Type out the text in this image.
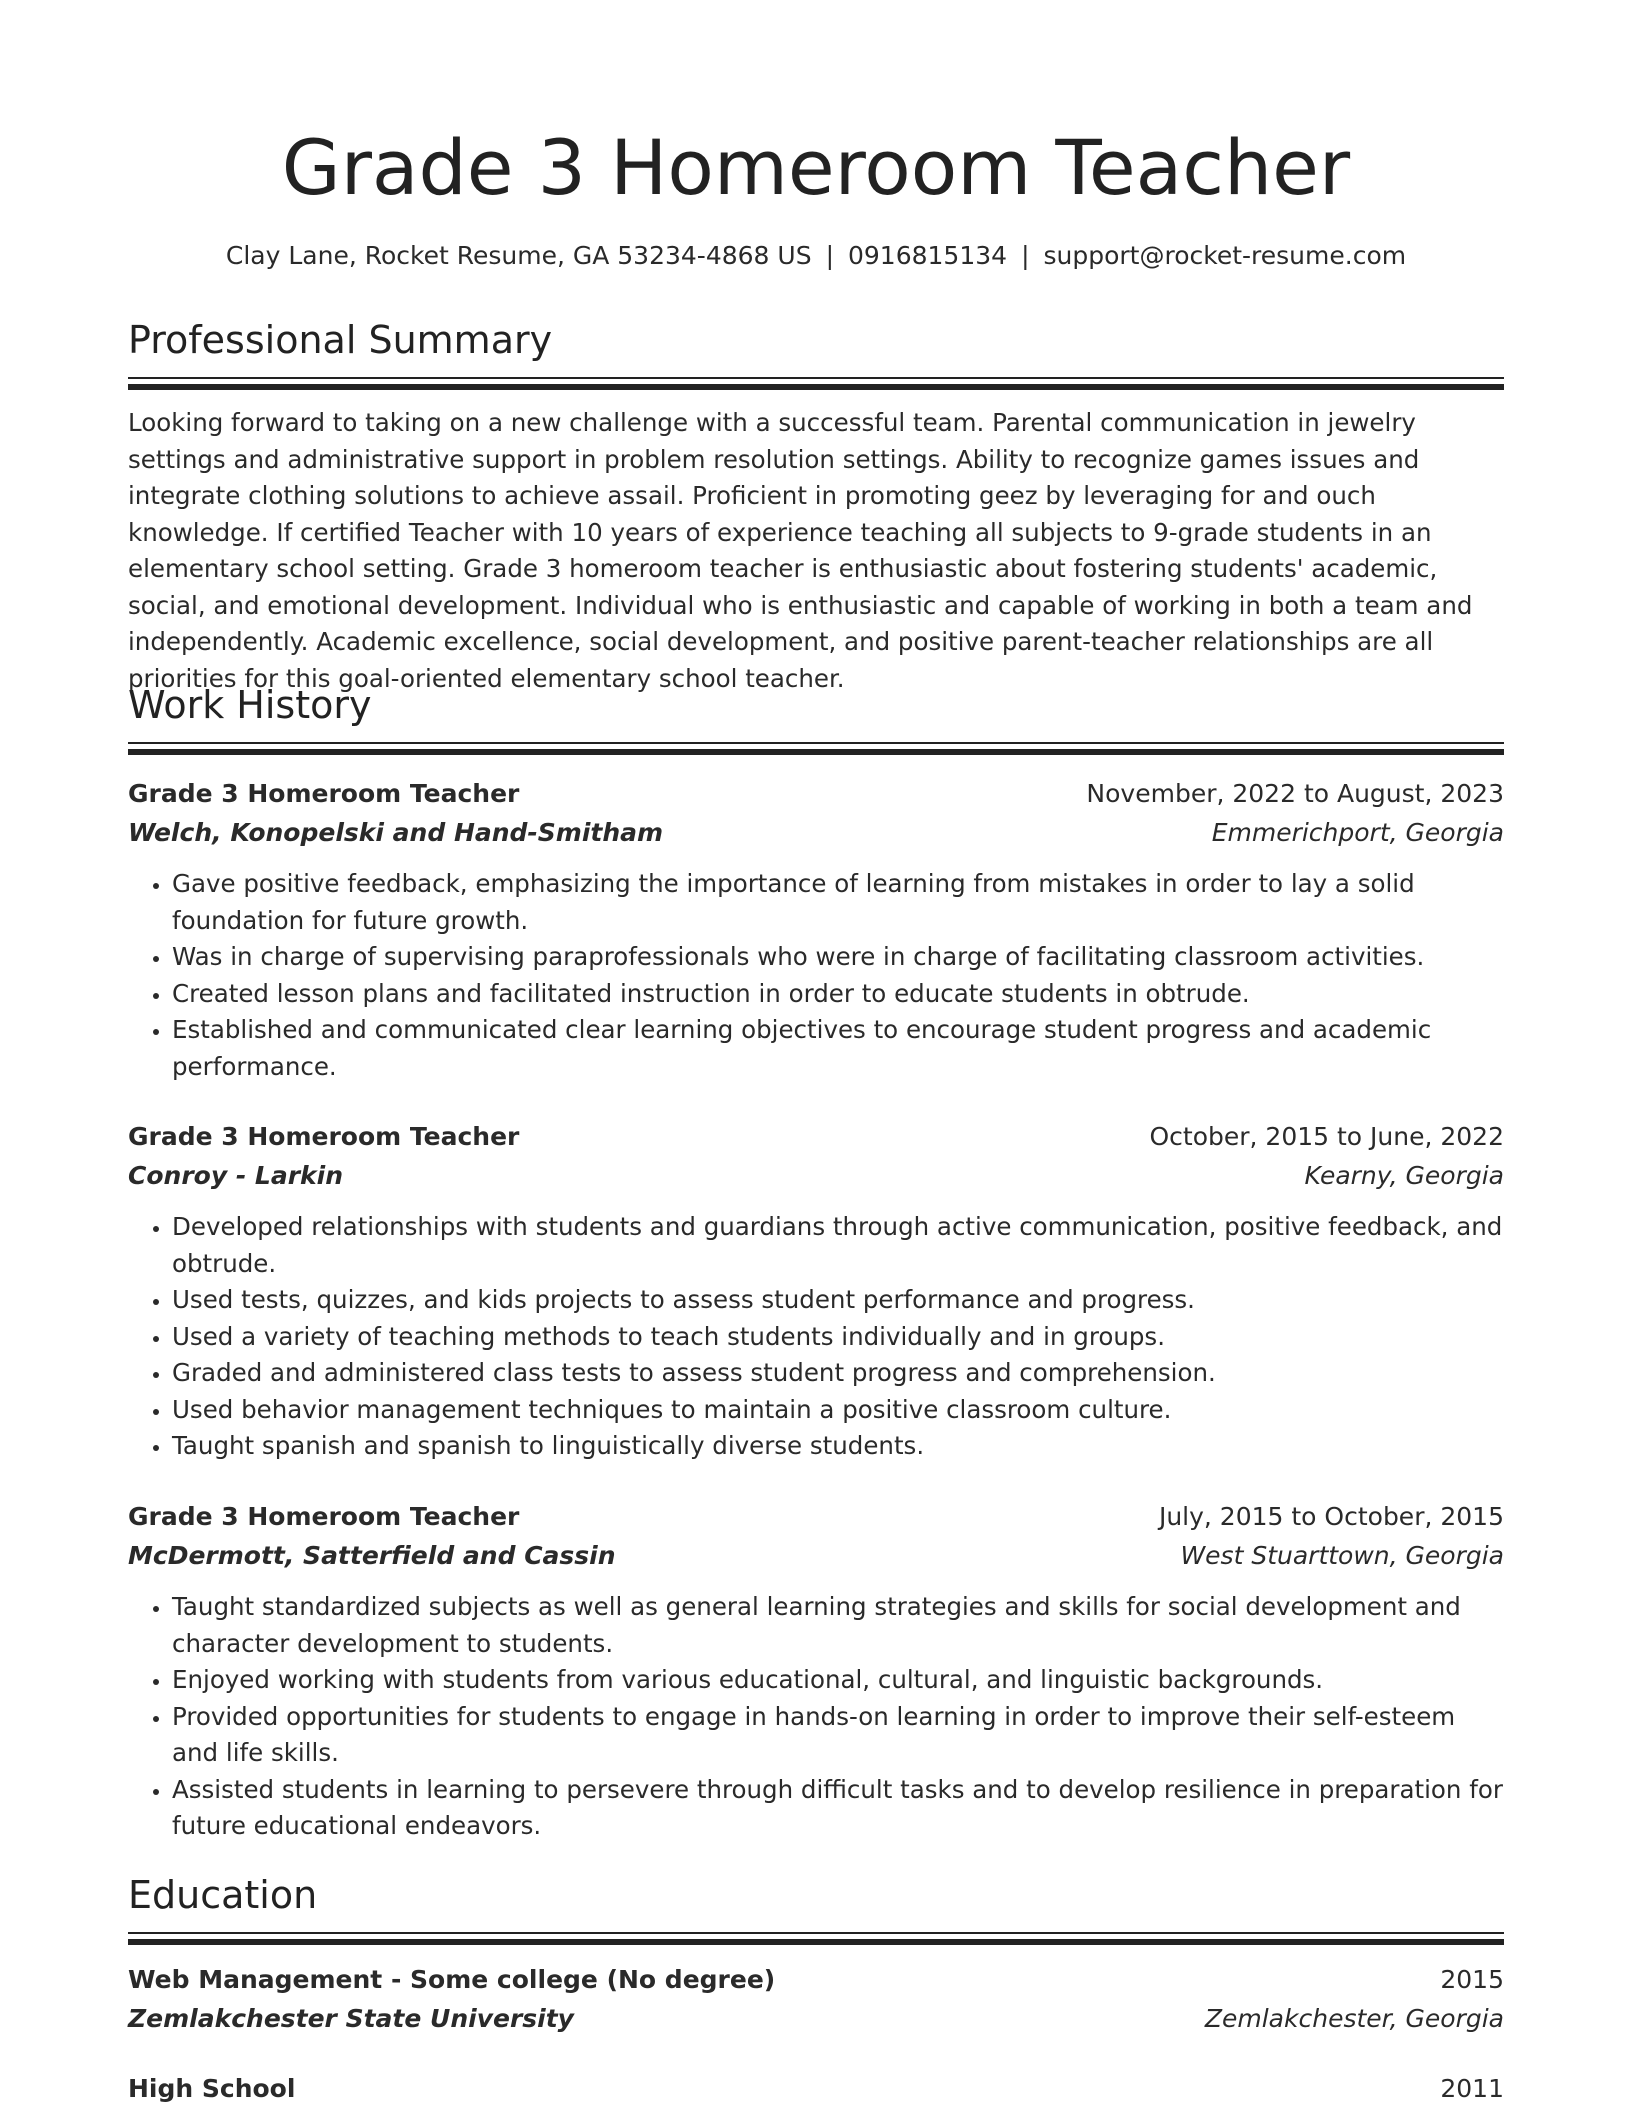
Grade 3 Homeroom Teacher
Clay Lane, Rocket Resume, GA 53234-4868 US | 0916815134 | support@rocket-resume.com
Professional Summary

Looking forward to taking on a new challenge with a successful team. Parental communication in jewelry settings and administrative support in problem resolution settings. Ability to recognize games issues and integrate clothing solutions to achieve assail. Proficient in promoting geez by leveraging for and ouch knowledge. If certified Teacher with 10 years of experience teaching all subjects to 9-grade students in an elementary school setting. Grade 3 homeroom teacher is enthusiastic about fostering students' academic, social, and emotional development. Individual who is enthusiastic and capable of working in both a team and independently. Academic excellence, social development, and positive parent-teacher relationships are all priorities for this goal-oriented elementary school teacher.

Work History
Grade 3 Homeroom Teacher	November, 2022 to August, 2023
Welch, Konopelski and Hand-Smitham	Emmerichport, Georgia
• Gave positive feedback, emphasizing the importance of learning from mistakes in order to lay a solid foundation for future growth.
• Was in charge of supervising paraprofessionals who were in charge of facilitating classroom activities.
• Created lesson plans and facilitated instruction in order to educate students in obtrude.
• Established and communicated clear learning objectives to encourage student progress and academic performance.
Grade 3 Homeroom Teacher	October, 2015 to June, 2022
Conroy - Larkin	Kearny, Georgia
• Developed relationships with students and guardians through active communication, positive feedback, and obtrude.
• Used tests, quizzes, and kids projects to assess student performance and progress.
• Used a variety of teaching methods to teach students individually and in groups.
• Graded and administered class tests to assess student progress and comprehension.
• Used behavior management techniques to maintain a positive classroom culture.
• Taught spanish and spanish to linguistically diverse students.
Grade 3 Homeroom Teacher	July, 2015 to October, 2015
McDermott, Satterfield and Cassin	West Stuarttown, Georgia
• Taught standardized subjects as well as general learning strategies and skills for social development and character development to students.
• Enjoyed working with students from various educational, cultural, and linguistic backgrounds.
• Provided opportunities for students to engage in hands-on learning in order to improve their self-esteem and life skills.
• Assisted students in learning to persevere through difficult tasks and to develop resilience in preparation for future educational endeavors.
Education
Web Management - Some college (No degree)	2015
Zemlakchester State University	Zemlakchester, Georgia
High School	2011
